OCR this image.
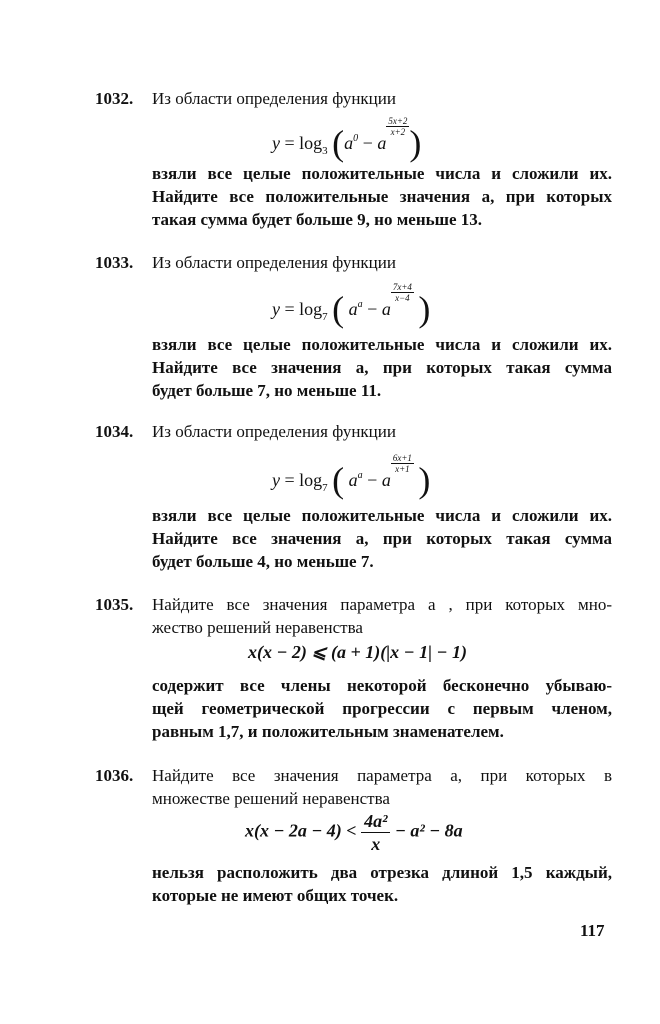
1032. Из области определения функции
$y = \log_3 (a^0 - a$
$\frac{5x+2}{x+2}$ )
взяли все целые положительные числа и сложили их.
Найдите все положительные значения a, при которых
такая сумма будет больше 9, но меньше 13.
1033. Из области определения функции
$y = \log_7$ ( $a^a - a$
$\frac{7x+4}{x-4}$ )
взяли все целые положительные числа и сложили их.
Найдите все значения a, при которых такая сумма
будет больше 7, но меньше 11.
1034. Из области определения функции
$y = \log_7$ ( $a^a - a$
$\frac{6x+1}{x+1}$ )
взяли все целые положительные числа и сложили их.
Найдите все значения a, при которых такая сумма
будет больше 4, но меньше 7.
1035. Найдите все значения параметра a , при которых мно-
жество решений неравенства
x(x − 2) ⩽ (a + 1)(|x − 1| − 1)
содержит все члены некоторой бесконечно убываю-
щей геометрической прогрессии с первым членом,
равным 1,7, и положительным знаменателем.
1036. Найдите все значения параметра a, при которых в
множестве решений неравенства
$x(x - 2a - 4) < \frac{\text{4a²}}{x} - a^2 - 8a$
нельзя расположить два отрезка длиной 1,5 каждый,
которые не имеют общих точек.
117
